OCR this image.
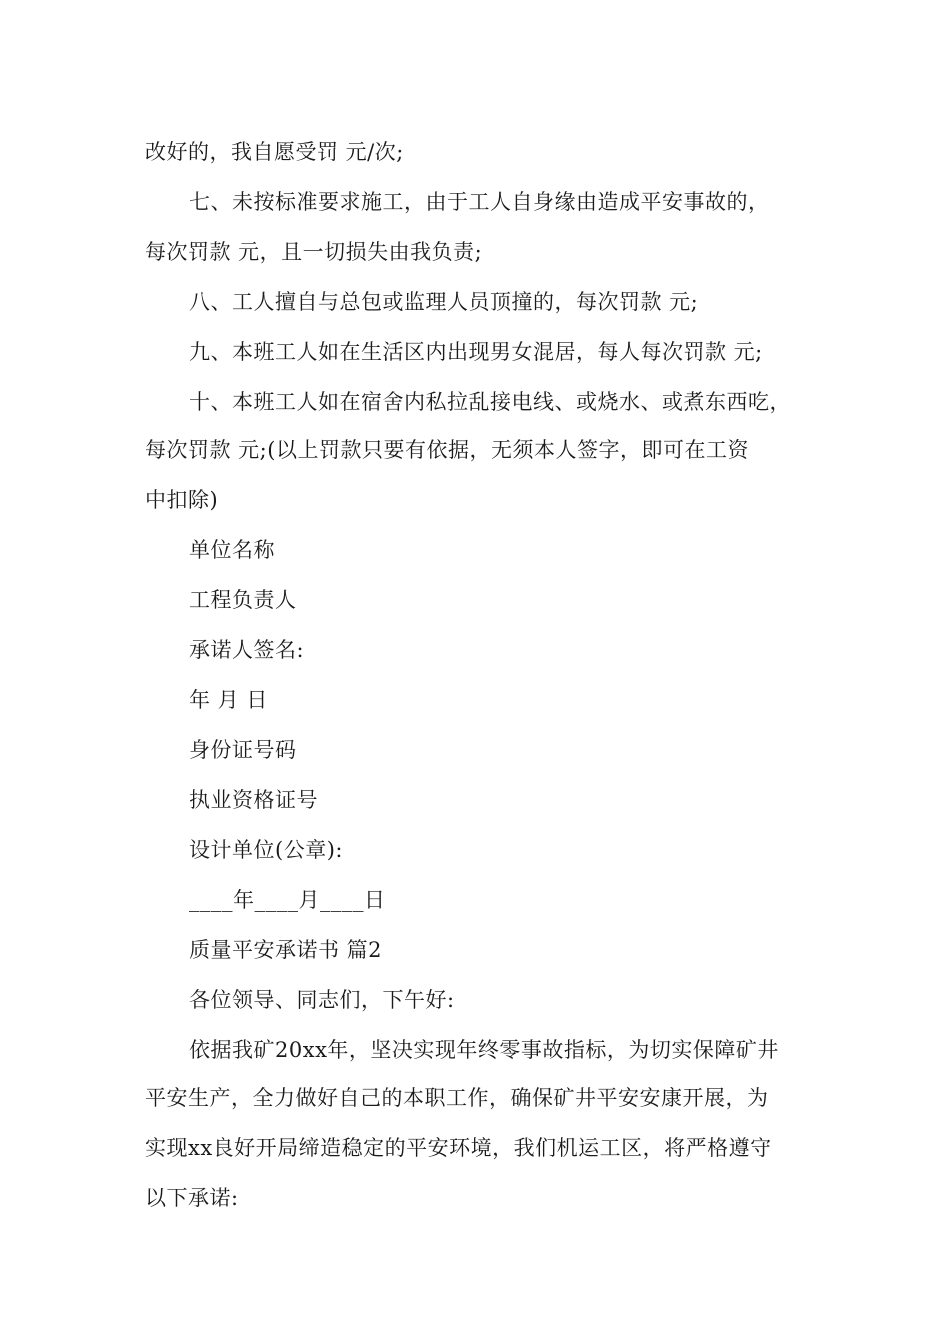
改好的，我自愿受罚 元/次;
七、未按标准要求施工，由于工人自身缘由造成平安事故的，
每次罚款 元，且一切损失由我负责;
八、工人擅自与总包或监理人员顶撞的，每次罚款 元;
九、本班工人如在生活区内出现男女混居，每人每次罚款 元;
十、本班工人如在宿舍内私拉乱接电线、或烧水、或煮东西吃，
每次罚款 元;(以上罚款只要有依据，无须本人签字，即可在工资
中扣除)
单位名称
工程负责人
承诺人签名:
年 月 日
身份证号码
执业资格证号
设计单位(公章):
____年____月____日
质量平安承诺书 篇2
各位领导、同志们，下午好:
依据我矿20xx年，坚决实现年终零事故指标，为切实保障矿井
平安生产，全力做好自己的本职工作，确保矿井平安安康开展，为
实现xx良好开局缔造稳定的平安环境，我们机运工区，将严格遵守
以下承诺:
